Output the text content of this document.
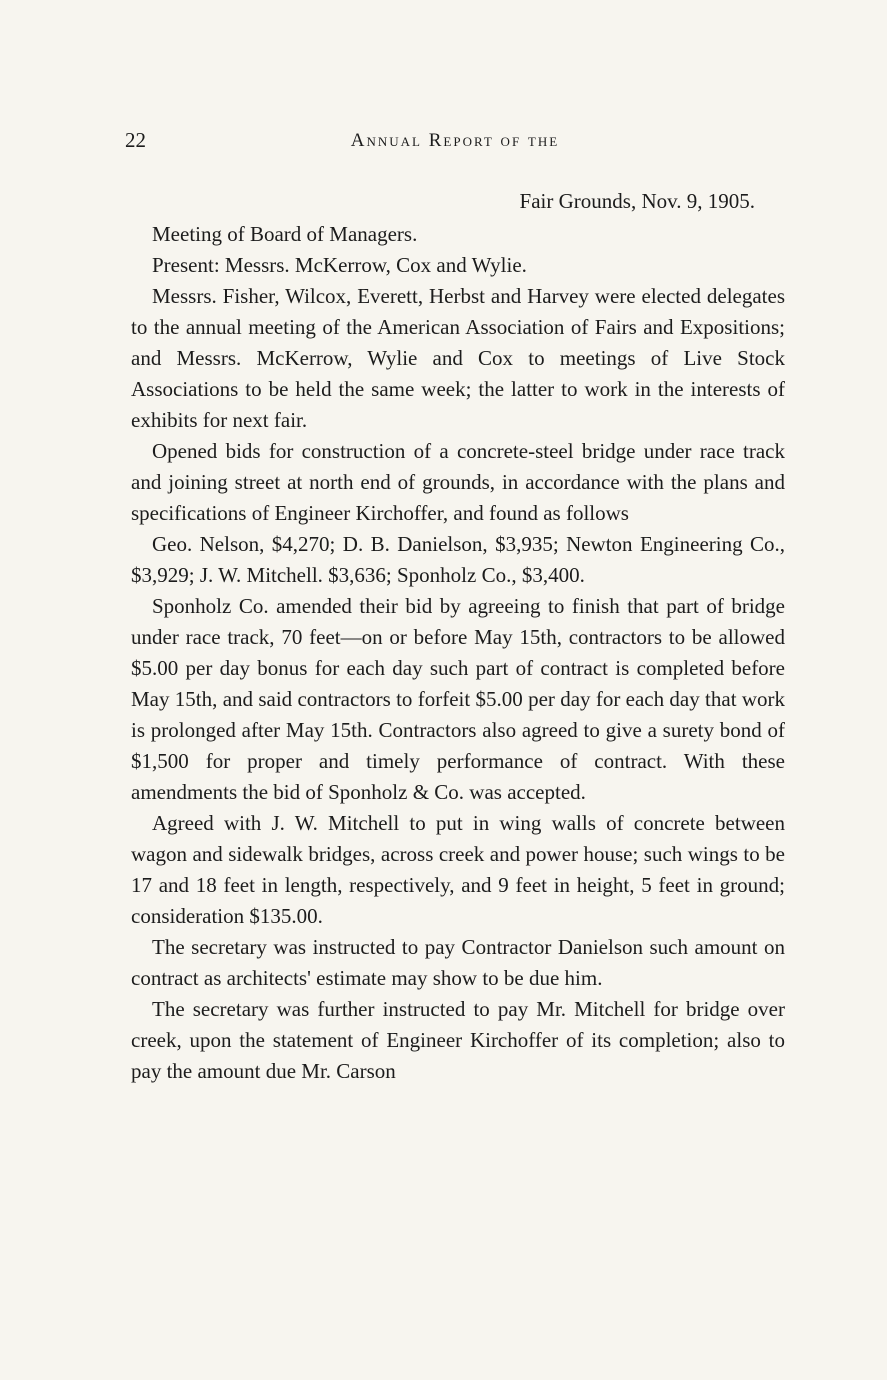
22	Annual Report of the

Fair Grounds, Nov. 9, 1905.

Meeting of Board of Managers.

Present: Messrs. McKerrow, Cox and Wylie.

Messrs. Fisher, Wilcox, Everett, Herbst and Harvey were elected delegates to the annual meeting of the American Association of Fairs and Expositions; and Messrs. McKerrow, Wylie and Cox to meetings of Live Stock Associations to be held the same week; the latter to work in the interests of exhibits for next fair.

Opened bids for construction of a concrete-steel bridge under race track and joining street at north end of grounds, in accordance with the plans and specifications of Engineer Kirchoffer, and found as follows

Geo. Nelson, $4,270; D. B. Danielson, $3,935; Newton Engineering Co., $3,929; J. W. Mitchell. $3,636; Sponholz Co., $3,400.

Sponholz Co. amended their bid by agreeing to finish that part of bridge under race track, 70 feet—on or before May 15th, contractors to be allowed $5.00 per day bonus for each day such part of contract is completed before May 15th, and said contractors to forfeit $5.00 per day for each day that work is prolonged after May 15th. Contractors also agreed to give a surety bond of $1,500 for proper and timely performance of contract. With these amendments the bid of Sponholz & Co. was accepted.

Agreed with J. W. Mitchell to put in wing walls of concrete between wagon and sidewalk bridges, across creek and power house; such wings to be 17 and 18 feet in length, respectively, and 9 feet in height, 5 feet in ground; consideration $135.00.

The secretary was instructed to pay Contractor Danielson such amount on contract as architects' estimate may show to be due him.

The secretary was further instructed to pay Mr. Mitchell for bridge over creek, upon the statement of Engineer Kirchoffer of its completion; also to pay the amount due Mr. Carson
